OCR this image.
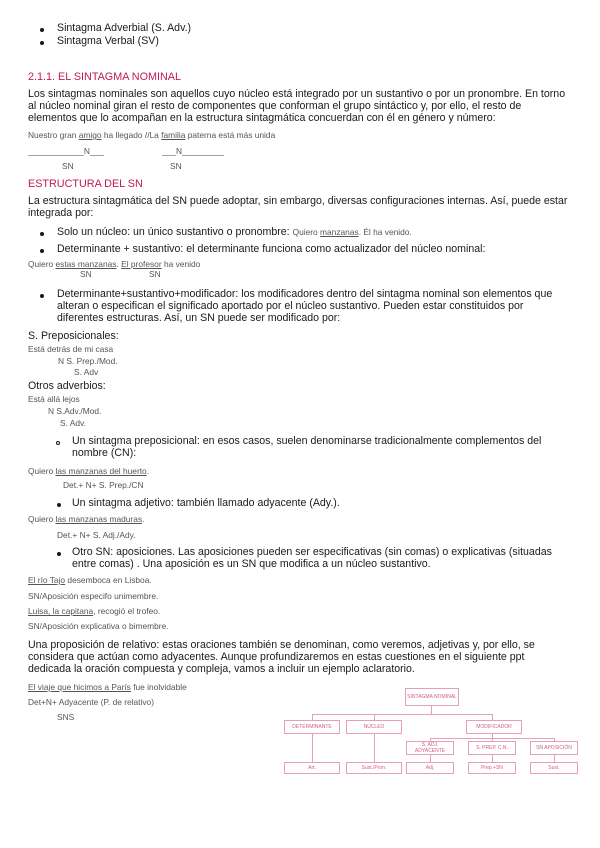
Sintagma Adverbial (S. Adv.)
Sintagma Verbal (SV)
2.1.1. EL SINTAGMA NOMINAL
Los sintagmas nominales son aquellos cuyo núcleo está integrado por un sustantivo o por un pronombre. En torno al núcleo nominal giran el resto de componentes que conforman el grupo sintáctico y, por ello, el resto de elementos que lo acompañan en la estructura sintagmática concuerdan con él en género y número:
Nuestro gran amigo ha llegado //La familia paterna está más unida
____________N___	___N_________
SN	SN
ESTRUCTURA DEL SN
La estructura sintagmática del SN puede adoptar, sin embargo, diversas configuraciones internas. Así, puede estar integrada por:
Solo un núcleo: un único sustantivo o pronombre: Quiero manzanas. Él ha venido.
Determinante + sustantivo: el determinante funciona como actualizador del núcleo nominal:
Quiero estas manzanas. El profesor ha venido
SN	SN
Determinante+sustantivo+modificador: los modificadores dentro del sintagma nominal son elementos que alteran o especifican el significado aportado por el núcleo sustantivo. Pueden estar constituidos por diferentes estructuras. Así, un SN puede ser modificado por:
S. Preposicionales:
Está detrás de mi casa
N S. Prep./Mod.
S. Adv
Otros adverbios:
Está allá lejos
N S.Adv./Mod.
S. Adv.
Un sintagma preposicional: en esos casos, suelen denominarse tradicionalmente complementos del nombre (CN):
Quiero las manzanas del huerto.
Det.+ N+ S. Prep./CN
Un sintagma adjetivo: también llamado adyacente (Ady.).
Quiero las manzanas maduras.
Det.+ N+ S. Adj./Ady.
Otro SN: aposiciones. Las aposiciones pueden ser especificativas (sin comas) o explicativas (situadas entre comas) . Una aposición es un SN que modifica a un núcleo sustantivo.
El río Tajo desemboca en Lisboa.
SN/Aposición especifo unimembre.
Luisa, la capitana, recogió el trofeo.
SN/Aposición explicativa o bimembre.
Una proposición de relativo: estas oraciones también se denominan, como veremos, adjetivas y, por ello, se considera que actúan como adyacentes. Aunque profundizaremos en estas cuestiones en el siguiente ppt dedicada la oración compuesta y compleja, vamos a incluir un ejemplo aclaratorio.
El viaje que hicimos a París fue inolvidable
Det+N+ Adyacente (P. de relativo)
SNS
SINTAGMA NOMINAL
DETERMINANTE	NÚCLEO	MODIFICADOR
S. ADJ. ADYACENTE	S. PREP. C.N.	SN APOSICIÓN
Art.	Sust./Pron.	Adj.	Prep.+SN	Sust.
